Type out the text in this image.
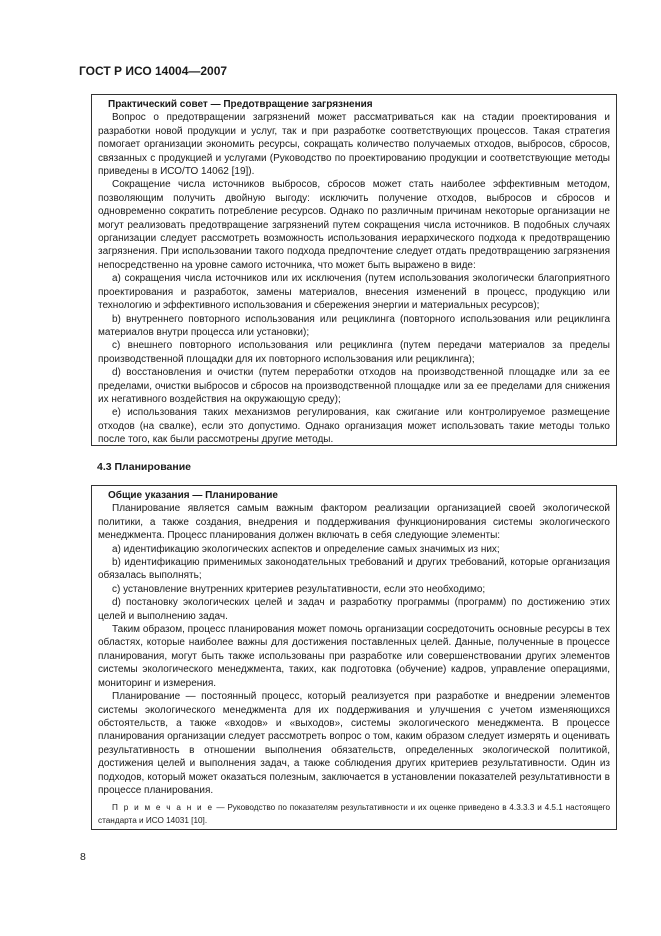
ГОСТ Р ИСО 14004—2007
Практический совет — Предотвращение загрязнения

Вопрос о предотвращении загрязнений может рассматриваться как на стадии проектирования и разработки новой продукции и услуг, так и при разработке соответствующих процессов. Такая стратегия помогает организации экономить ресурсы, сокращать количество получаемых отходов, выбросов, сбросов, связанных с продукцией и услугами (Руководство по проектированию продукции и соответствующие методы приведены в ИСО/ТО 14062 [19]).

Сокращение числа источников выбросов, сбросов может стать наиболее эффективным методом, позволяющим получить двойную выгоду: исключить получение отходов, выбросов и сбросов и одновременно сократить потребление ресурсов. Однако по различным причинам некоторые организации не могут реализовать предотвращение загрязнений путем сокращения числа источников. В подобных случаях организации следует рассмотреть возможность использования иерархического подхода к предотвращению загрязнения. При использовании такого подхода предпочтение следует отдать предотвращению загрязнения непосредственно на уровне самого источника, что может быть выражено в виде:

a) сокращения числа источников или их исключения (путем использования экологически благоприятного проектирования и разработок, замены материалов, внесения изменений в процесс, продукцию или технологию и эффективного использования и сбережения энергии и материальных ресурсов);

b) внутреннего повторного использования или рециклинга (повторного использования или рециклинга материалов внутри процесса или установки);

c) внешнего повторного использования или рециклинга (путем передачи материалов за пределы производственной площадки для их повторного использования или рециклинга);

d) восстановления и очистки (путем переработки отходов на производственной площадке или за ее пределами, очистки выбросов и сбросов на производственной площадке или за ее пределами для снижения их негативного воздействия на окружающую среду);

e) использования таких механизмов регулирования, как сжигание или контролируемое размещение отходов (на свалке), если это допустимо. Однако организация может использовать такие методы только после того, как были рассмотрены другие методы.

4.3 Планирование
Общие указания — Планирование

Планирование является самым важным фактором реализации организацией своей экологической политики, а также создания, внедрения и поддерживания функционирования системы экологического менеджмента. Процесс планирования должен включать в себя следующие элементы:

a) идентификацию экологических аспектов и определение самых значимых из них;

b) идентификацию применимых законодательных требований и других требований, которые организация обязалась выполнять;

c) установление внутренних критериев результативности, если это необходимо;

d) постановку экологических целей и задач и разработку программы (программ) по достижению этих целей и выполнению задач.

Таким образом, процесс планирования может помочь организации сосредоточить основные ресурсы в тех областях, которые наиболее важны для достижения поставленных целей. Данные, полученные в процессе планирования, могут быть также использованы при разработке или совершенствовании других элементов системы экологического менеджмента, таких, как подготовка (обучение) кадров, управление операциями, мониторинг и измерения.

Планирование — постоянный процесс, который реализуется при разработке и внедрении элементов системы экологического менеджмента для их поддерживания и улучшения с учетом изменяющихся обстоятельств, а также «входов» и «выходов», системы экологического менеджмента. В процессе планирования организации следует рассмотреть вопрос о том, каким образом следует измерять и оценивать результативность в отношении выполнения обязательств, определенных экологической политикой, достижения целей и выполнения задач, а также соблюдения других критериев результативности. Один из подходов, который может оказаться полезным, заключается в установлении показателей результативности в процессе планирования.

П р и м е ч а н и е — Руководство по показателям результативности и их оценке приведено в 4.3.3.3 и 4.5.1 настоящего стандарта и ИСО 14031 [10].

8
